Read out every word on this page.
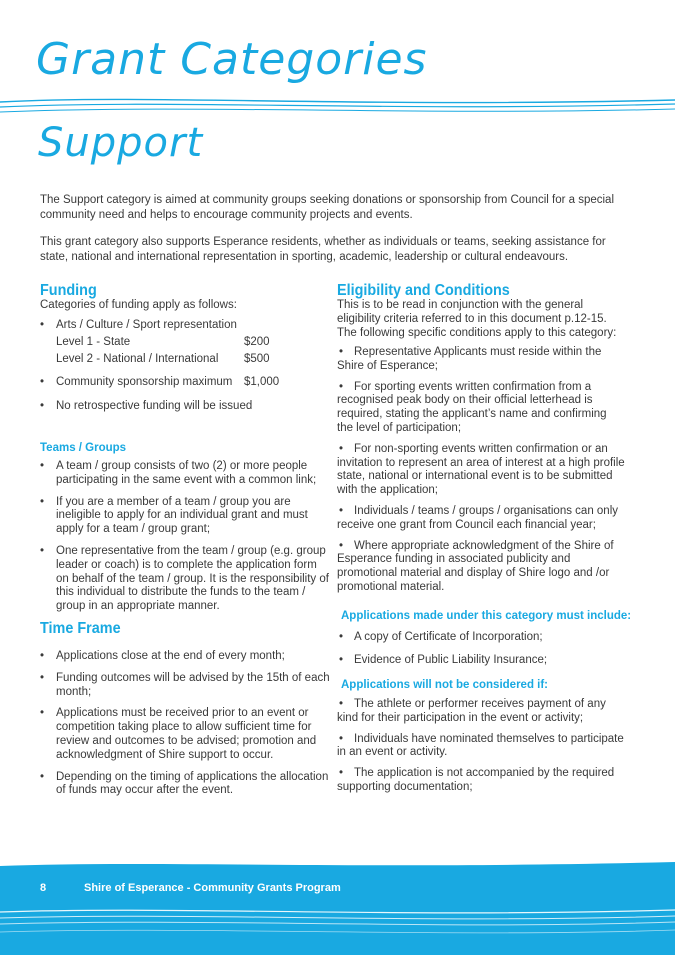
Grant Categories
Support

The Support category is aimed at community groups seeking donations or sponsorship from Council for a special community need and helps to encourage community projects and events.

This grant category also supports Esperance residents, whether as individuals or teams, seeking assistance for state, national and international representation in sporting, academic, leadership or cultural endeavours.

Funding

Categories of funding apply as follows:

• Arts / Culture / Sport representation
Level 1 - State	$200
Level 2 - National / International $500
• Community sponsorship maximum $1,000
• No retrospective funding will be issued
Teams / Groups
• A team / group consists of two (2) or more people participating in the same event with a common link;
• If you are a member of a team / group you are ineligible to apply for an individual grant and must apply for a team / group grant;
• One representative from the team / group (e.g. group leader or coach) is to complete the application form on behalf of the team / group. It is the responsibility of this individual to distribute the funds to the team / group in an appropriate manner.
Time Frame
• Applications close at the end of every month;
• Funding outcomes will be advised by the 15th of each month;
• Applications must be received prior to an event or competition taking place to allow sufficient time for review and outcomes to be advised; promotion and acknowledgment of Shire support to occur.
• Depending on the timing of applications the allocation of funds may occur after the event.
Eligibility and Conditions

This is to be read in conjunction with the general eligibility criteria referred to in this document p.12-15. The following specific conditions apply to this category:

• Representative Applicants must reside within the Shire of Esperance;
• For sporting events written confirmation from a recognised peak body on their official letterhead is required, stating the applicant’s name and confirming the level of participation;
• For non-sporting events written confirmation or an invitation to represent an area of interest at a high profile state, national or international event is to be submitted with the application;
• Individuals / teams / groups / organisations can only receive one grant from Council each financial year;
• Where appropriate acknowledgment of the Shire of Esperance funding in associated publicity and promotional material and display of Shire logo and /or promotional material.
Applications made under this category must include:
• A copy of Certificate of Incorporation;
• Evidence of Public Liability Insurance;
Applications will not be considered if:
• The athlete or performer receives payment of any kind for their participation in the event or activity;
• Individuals have nominated themselves to participate in an event or activity.
• The application is not accompanied by the required supporting documentation;
8	Shire of Esperance - Community Grants Program
